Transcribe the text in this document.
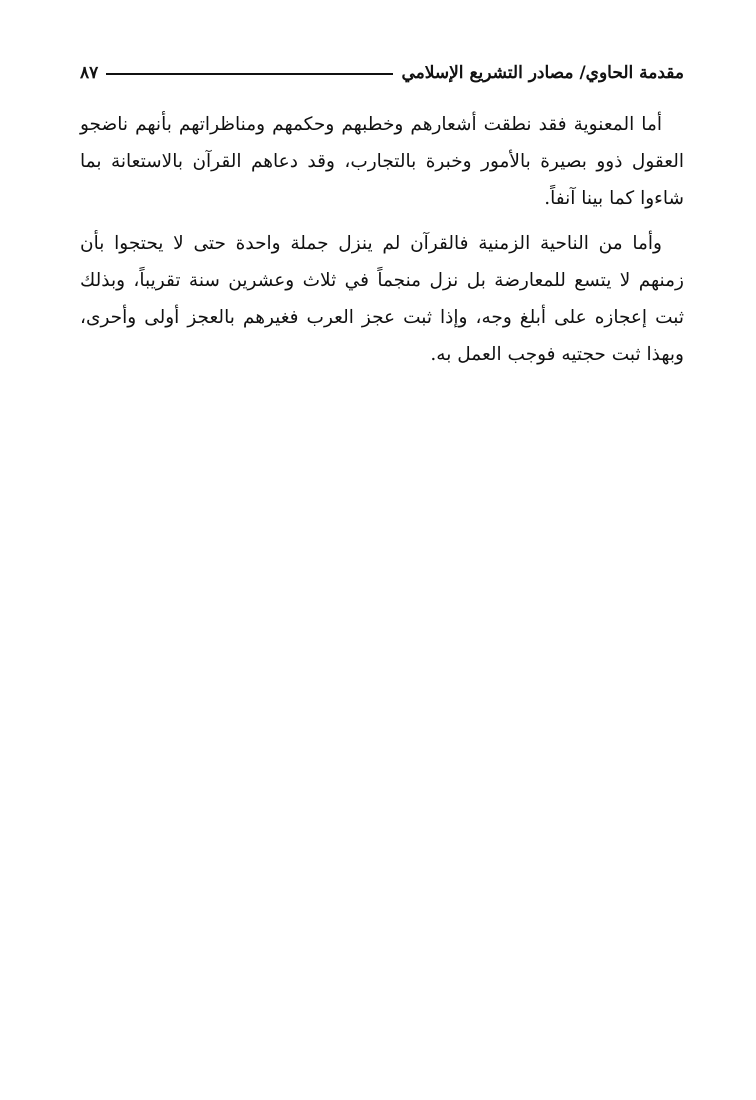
مقدمة الحاوي/ مصادر التشريع الإسلامي
٨٧

أما المعنوية فقد نطقت أشعارهم وخطبهم وحكمهم ومناظراتهم بأنهم ناضجو العقول ذوو بصيرة بالأمور وخبرة بالتجارب، وقد دعاهم القرآن بالاستعانة بما شاءوا كما بينا آنفاً.

وأما من الناحية الزمنية فالقرآن لم ينزل جملة واحدة حتى لا يحتجوا بأن زمنهم لا يتسع للمعارضة بل نزل منجماً في ثلاث وعشرين سنة تقريباً، وبذلك ثبت إعجازه على أبلغ وجه، وإذا ثبت عجز العرب فغيرهم بالعجز أولى وأحرى، وبهذا ثبت حجتيه فوجب العمل به.
